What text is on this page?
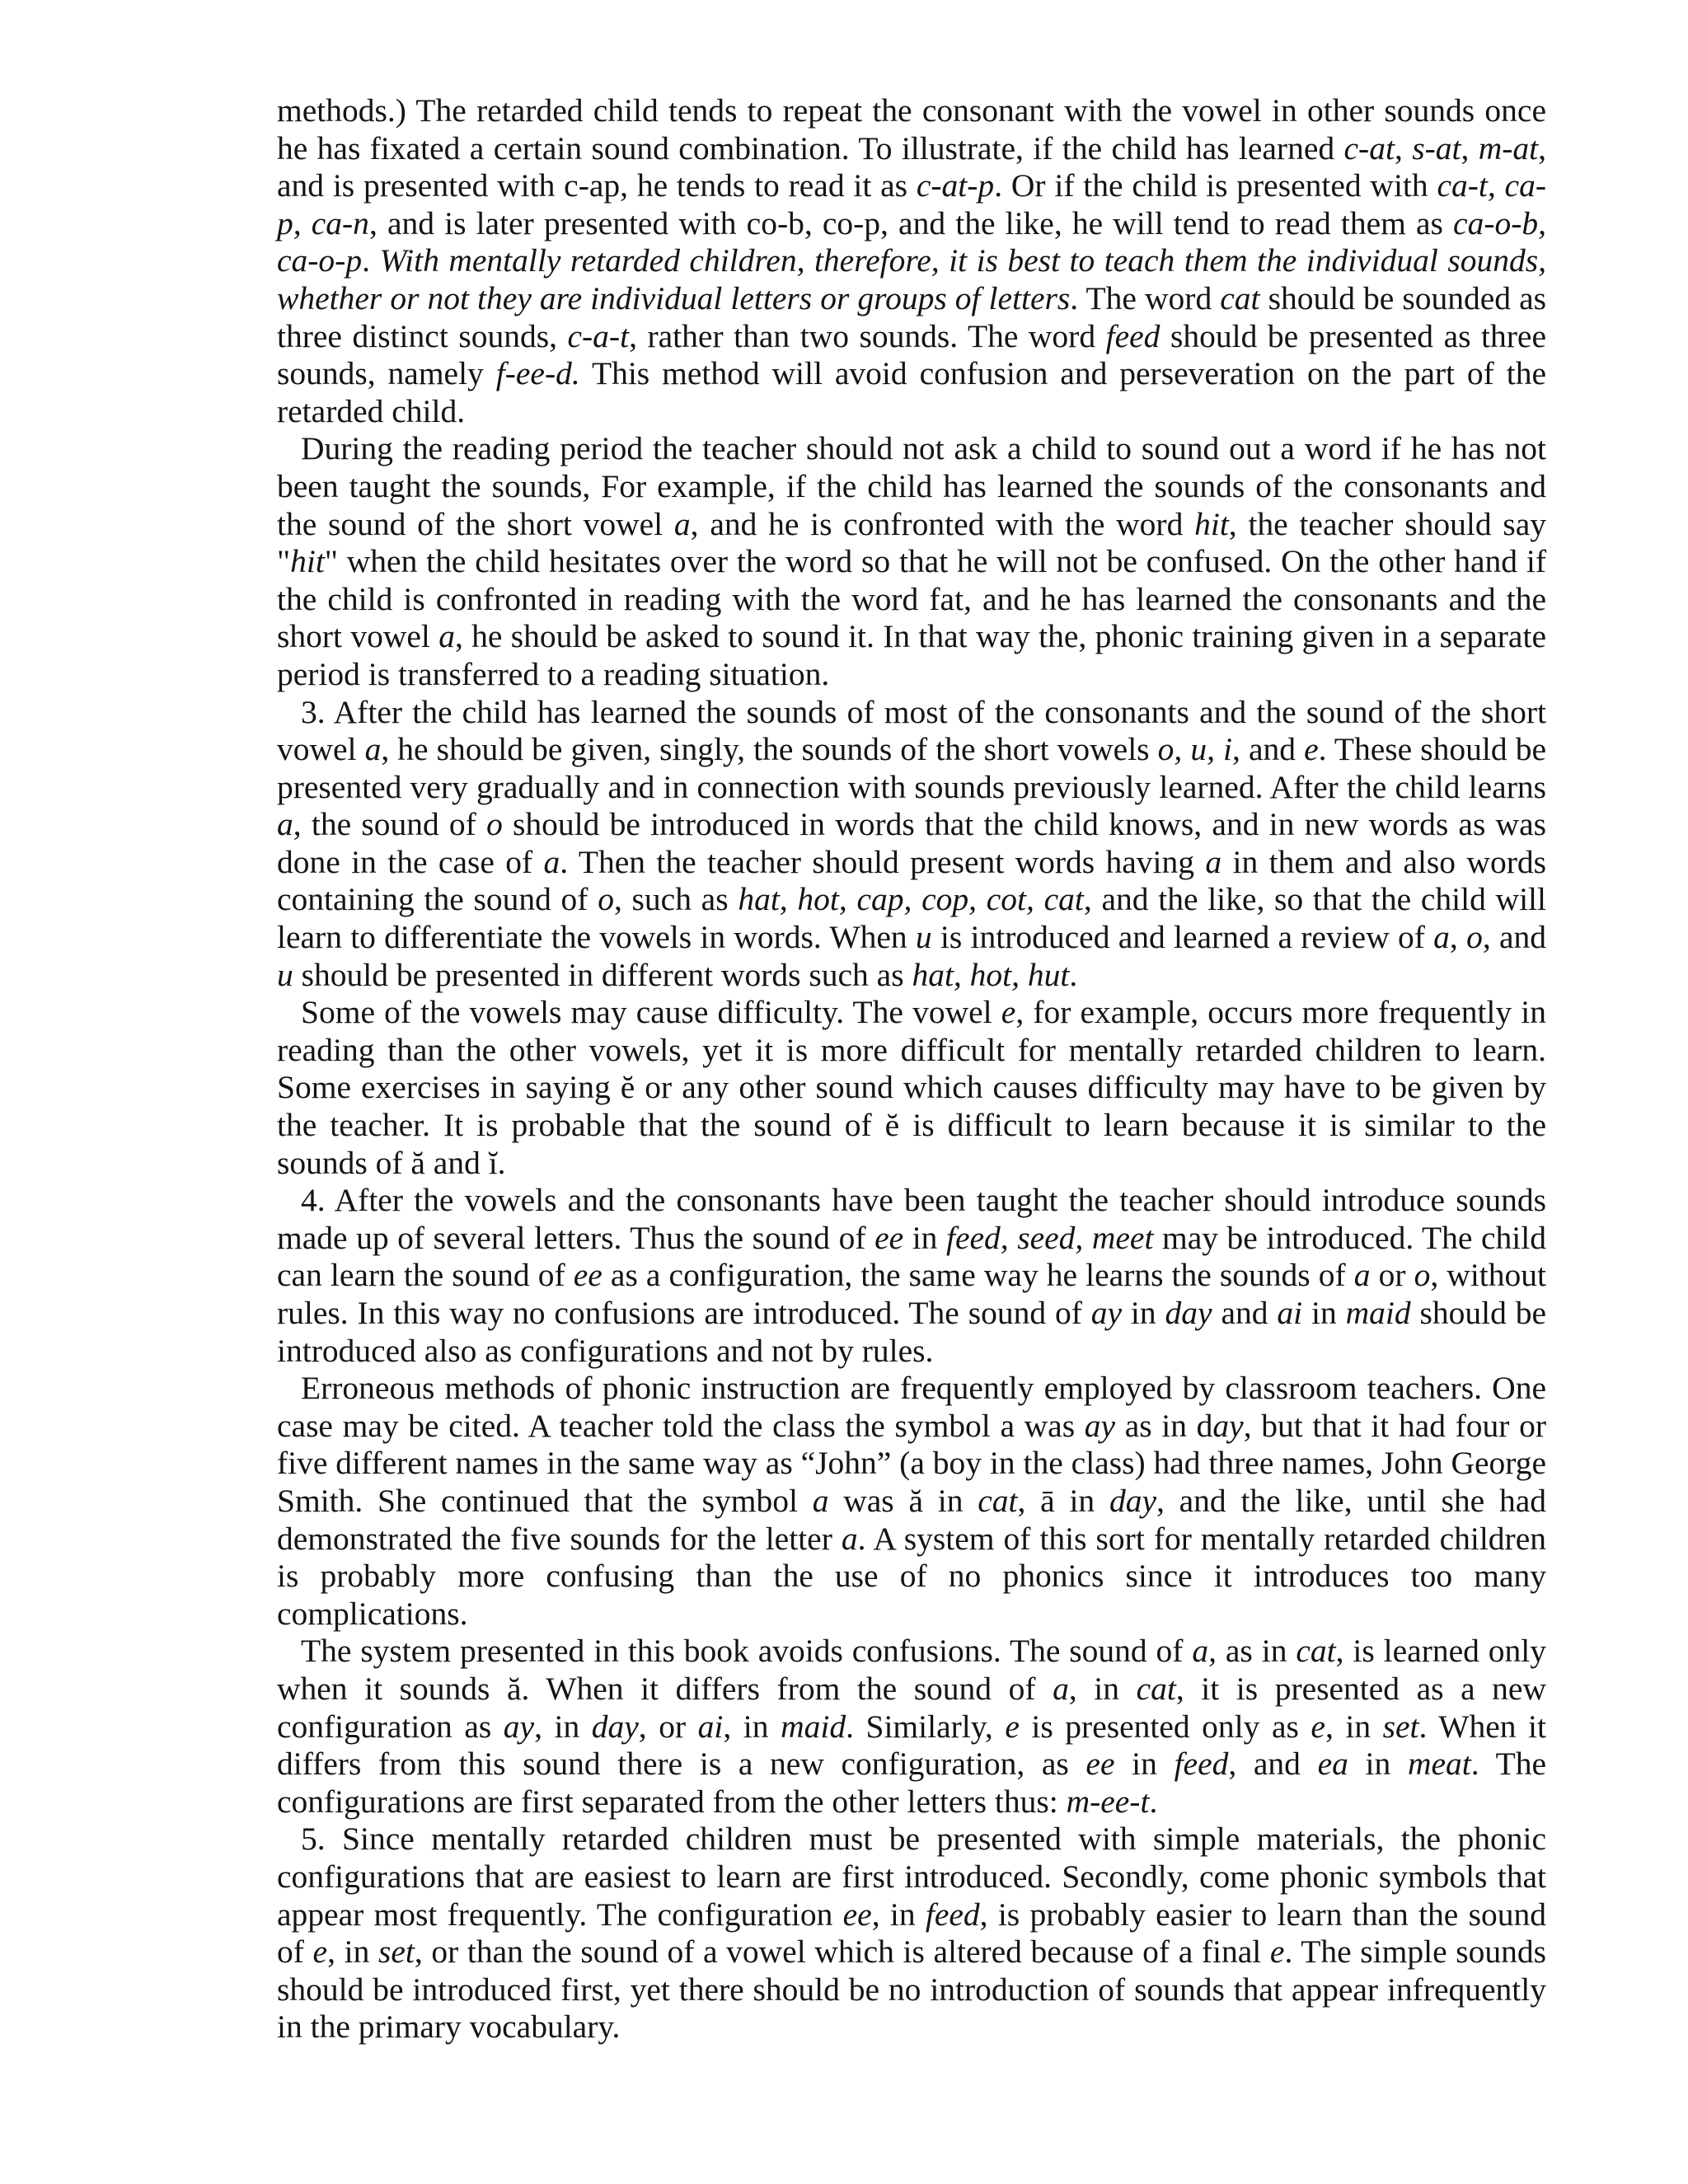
methods.) The retarded child tends to repeat the consonant with the vowel in other sounds once he has fixated a certain sound combination. To illustrate, if the child has learned c-at, s-at, m-at, and is presented with c-ap, he tends to read it as c-at-p. Or if the child is presented with ca-t, ca-p, ca-n, and is later presented with co-b, co-p, and the like, he will tend to read them as ca-o-b, ca-o-p. With mentally retarded children, therefore, it is best to teach them the individual sounds, whether or not they are individual letters or groups of letters. The word cat should be sounded as three distinct sounds, c-a-t, rather than two sounds. The word feed should be presented as three sounds, namely f-ee-d. This method will avoid confusion and perseveration on the part of the retarded child.

During the reading period the teacher should not ask a child to sound out a word if he has not been taught the sounds, For example, if the child has learned the sounds of the consonants and the sound of the short vowel a, and he is confronted with the word hit, the teacher should say "hit" when the child hesitates over the word so that he will not be confused. On the other hand if the child is confronted in reading with the word fat, and he has learned the consonants and the short vowel a, he should be asked to sound it. In that way the, phonic training given in a separate period is transferred to a reading situation.

3. After the child has learned the sounds of most of the consonants and the sound of the short vowel a, he should be given, singly, the sounds of the short vowels o, u, i, and e. These should be presented very gradually and in connection with sounds previously learned. After the child learns a, the sound of o should be introduced in words that the child knows, and in new words as was done in the case of a. Then the teacher should present words having a in them and also words containing the sound of o, such as hat, hot, cap, cop, cot, cat, and the like, so that the child will learn to differentiate the vowels in words. When u is introduced and learned a review of a, o, and u should be presented in different words such as hat, hot, hut.

Some of the vowels may cause difficulty. The vowel e, for example, occurs more frequently in reading than the other vowels, yet it is more difficult for mentally retarded children to learn. Some exercises in saying ĕ or any other sound which causes difficulty may have to be given by the teacher. It is probable that the sound of ĕ is difficult to learn because it is similar to the sounds of ă and ĭ.

4. After the vowels and the consonants have been taught the teacher should introduce sounds made up of several letters. Thus the sound of ee in feed, seed, meet may be introduced. The child can learn the sound of ee as a configuration, the same way he learns the sounds of a or o, without rules. In this way no confusions are introduced. The sound of ay in day and ai in maid should be introduced also as configurations and not by rules.

Erroneous methods of phonic instruction are frequently employed by classroom teachers. One case may be cited. A teacher told the class the symbol a was ay as in day, but that it had four or five different names in the same way as “John” (a boy in the class) had three names, John George Smith. She continued that the symbol a was ă in cat, ā in day, and the like, until she had demonstrated the five sounds for the letter a. A system of this sort for mentally retarded children is probably more confusing than the use of no phonics since it introduces too many complications.

The system presented in this book avoids confusions. The sound of a, as in cat, is learned only when it sounds ă. When it differs from the sound of a, in cat, it is presented as a new configuration as ay, in day, or ai, in maid. Similarly, e is presented only as e, in set. When it differs from this sound there is a new configuration, as ee in feed, and ea in meat. The configurations are first separated from the other letters thus: m-ee-t.

5. Since mentally retarded children must be presented with simple materials, the phonic configurations that are easiest to learn are first introduced. Secondly, come phonic symbols that appear most frequently. The configuration ee, in feed, is probably easier to learn than the sound of e, in set, or than the sound of a vowel which is altered because of a final e. The simple sounds should be introduced first, yet there should be no introduction of sounds that appear infrequently in the primary vocabulary.
